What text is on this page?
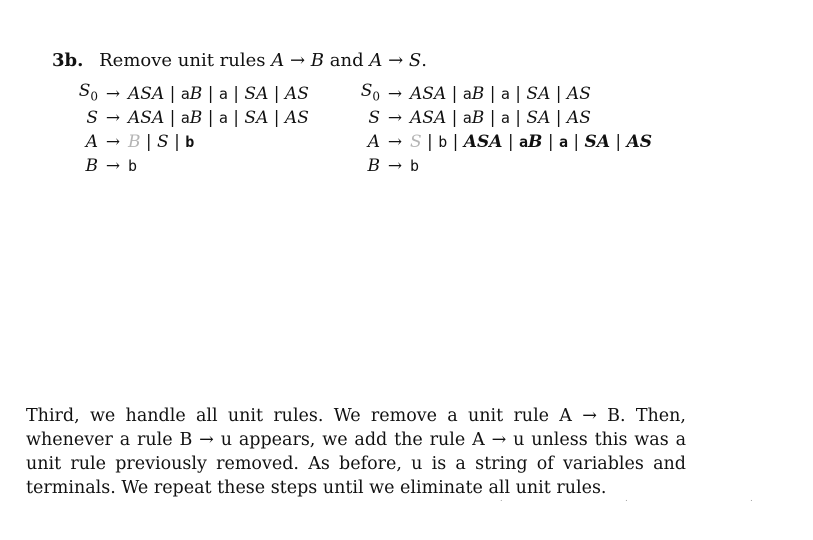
3b. Remove unit rules A → B and A → S.
$S_0$ → ASA | aB | a | SA | AS
S → ASA | aB | a | SA | AS
A → B | S | b
B → b
$S_0$ → ASA | aB | a | SA | AS
S → ASA | aB | a | SA | AS
A → S | b | ASA | aB | a | SA | AS
B → b

Third, we handle all unit rules. We remove a unit rule A → B. Then, whenever a rule B → u appears, we add the rule A → u unless this was a unit rule previously removed. As before, u is a string of variables and terminals. We repeat these steps until we eliminate all unit rules.

. . .
